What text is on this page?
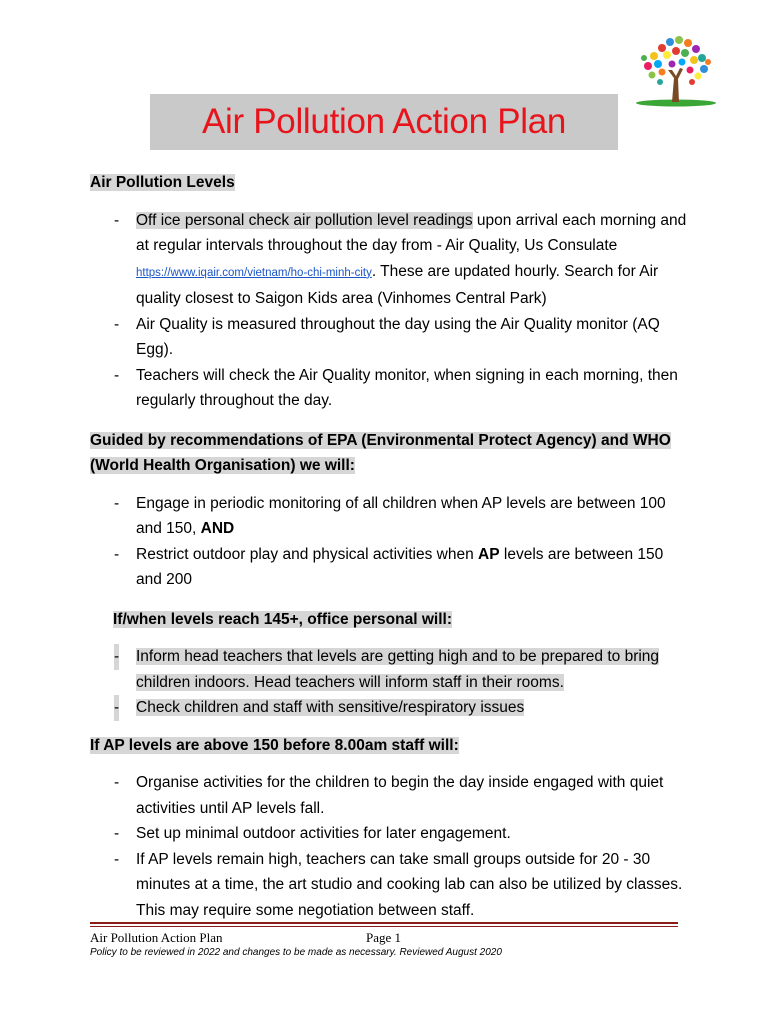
Air Pollution Action Plan

Air Pollution Levels

- Off ice personal check air pollution level readings upon arrival each morning and at regular intervals throughout the day from - Air Quality, Us Consulate https://www.iqair.com/vietnam/ho-chi-minh-city. These are updated hourly. Search for Air quality closest to Saigon Kids area (Vinhomes Central Park)
- Air Quality is measured throughout the day using the Air Quality monitor (AQ Egg).
- Teachers will check the Air Quality monitor, when signing in each morning, then regularly throughout the day.

Guided by recommendations of EPA (Environmental Protect Agency) and WHO (World Health Organisation) we will:

- Engage in periodic monitoring of all children when AP levels are between 100 and 150, AND
- Restrict outdoor play and physical activities when AP levels are between 150 and 200

If/when levels reach 145+, office personal will:

- Inform head teachers that levels are getting high and to be prepared to bring children indoors. Head teachers will inform staff in their rooms.
- Check children and staff with sensitive/respiratory issues

If AP levels are above 150 before 8.00am staff will:

- Organise activities for the children to begin the day inside engaged with quiet activities until AP levels fall.
- Set up minimal outdoor activities for later engagement.
- If AP levels remain high, teachers can take small groups outside for 20 - 30 minutes at a time, the art studio and cooking lab can also be utilized by classes. This may require some negotiation between staff.
Air Pollution Action Plan	Page 1
Policy to be reviewed in 2022 and changes to be made as necessary. Reviewed August 2020
